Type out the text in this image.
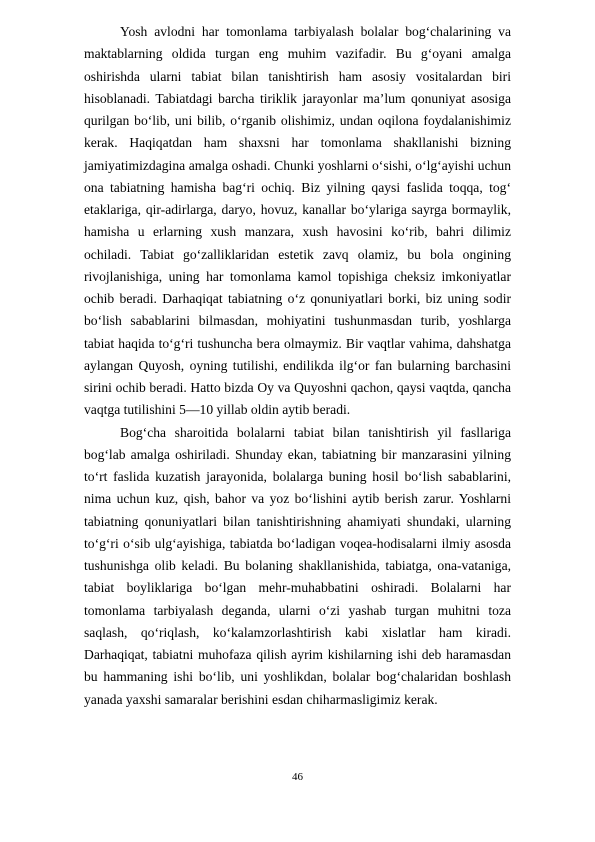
Yosh avlodni har tomonlama tarbiyalash bolalar bog‘chalarining va maktablarning oldida turgan eng muhim vazifadir. Bu g‘oyani amalga oshirishda ularni tabiat bilan tanishtirish ham asosiy vositalardan biri hisoblanadi. Tabiatdagi barcha tiriklik jarayonlar ma’lum qonuniyat asosiga qurilgan bo‘lib, uni bilib, o‘rganib olishimiz, undan oqilona foydalanishimiz kerak. Haqiqatdan ham shaxsni har tomonlama shakllanishi bizning jamiyatimizdagina amalga oshadi. Chunki yoshlarni o‘sishi, o‘lg‘ayishi uchun ona tabiatning hamisha bag‘ri ochiq. Biz yilning qaysi faslida toqqa, tog‘ etaklariga, qir-adirlarga, daryo, hovuz, kanallar bo‘ylariga sayrga bormaylik, hamisha u erlarning xush manzara, xush havosini ko‘rib, bahri dilimiz ochiladi. Tabiat go‘zalliklaridan estetik zavq olamiz, bu bola ongining rivojlanishiga, uning har tomonlama kamol topishiga cheksiz imkoniyatlar ochib beradi. Darhaqiqat tabiatning o‘z qonuniyatlari borki, biz uning sodir bo‘lish sabablarini bilmasdan, mohiyatini tushunmasdan turib, yoshlarga tabiat haqida to‘g‘ri tushuncha bera olmaymiz. Bir vaqtlar vahima, dahshatga aylangan Quyosh, oyning tutilishi, endilikda ilg‘or fan bularning barchasini sirini ochib beradi. Hatto bizda Oy va Quyoshni qachon, qaysi vaqtda, qancha vaqtga tutilishini 5—10 yillab oldin aytib beradi.

Bog‘cha sharoitida bolalarni tabiat bilan tanishtirish yil fasllariga bog‘lab amalga oshiriladi. Shunday ekan, tabiatning bir manzarasini yilning to‘rt faslida kuzatish jarayonida, bolalarga buning hosil bo‘lish sabablarini, nima uchun kuz, qish, bahor va yoz bo‘lishini aytib berish zarur. Yoshlarni tabiatning qonuniyatlari bilan tanishtirishning ahamiyati shundaki, ularning to‘g‘ri o‘sib ulg‘ayishiga, tabiatda bo‘ladigan voqea-hodisalarni ilmiy asosda tushunishga olib keladi. Bu bolaning shakllanishida, tabiatga, ona-vataniga, tabiat boyliklariga bo‘lgan mehr-muhabbatini oshiradi. Bolalarni har tomonlama tarbiyalash deganda, ularni o‘zi yashab turgan muhitni toza saqlash, qo‘riqlash, ko‘kalamzorlashtirish kabi xislatlar ham kiradi. Darhaqiqat, tabiatni muhofaza qilish ayrim kishilarning ishi deb haramasdan bu hammaning ishi bo‘lib, uni yoshlikdan, bolalar bog‘chalaridan boshlash yanada yaxshi samaralar berishini esdan chiharmasligimiz kerak.

46
